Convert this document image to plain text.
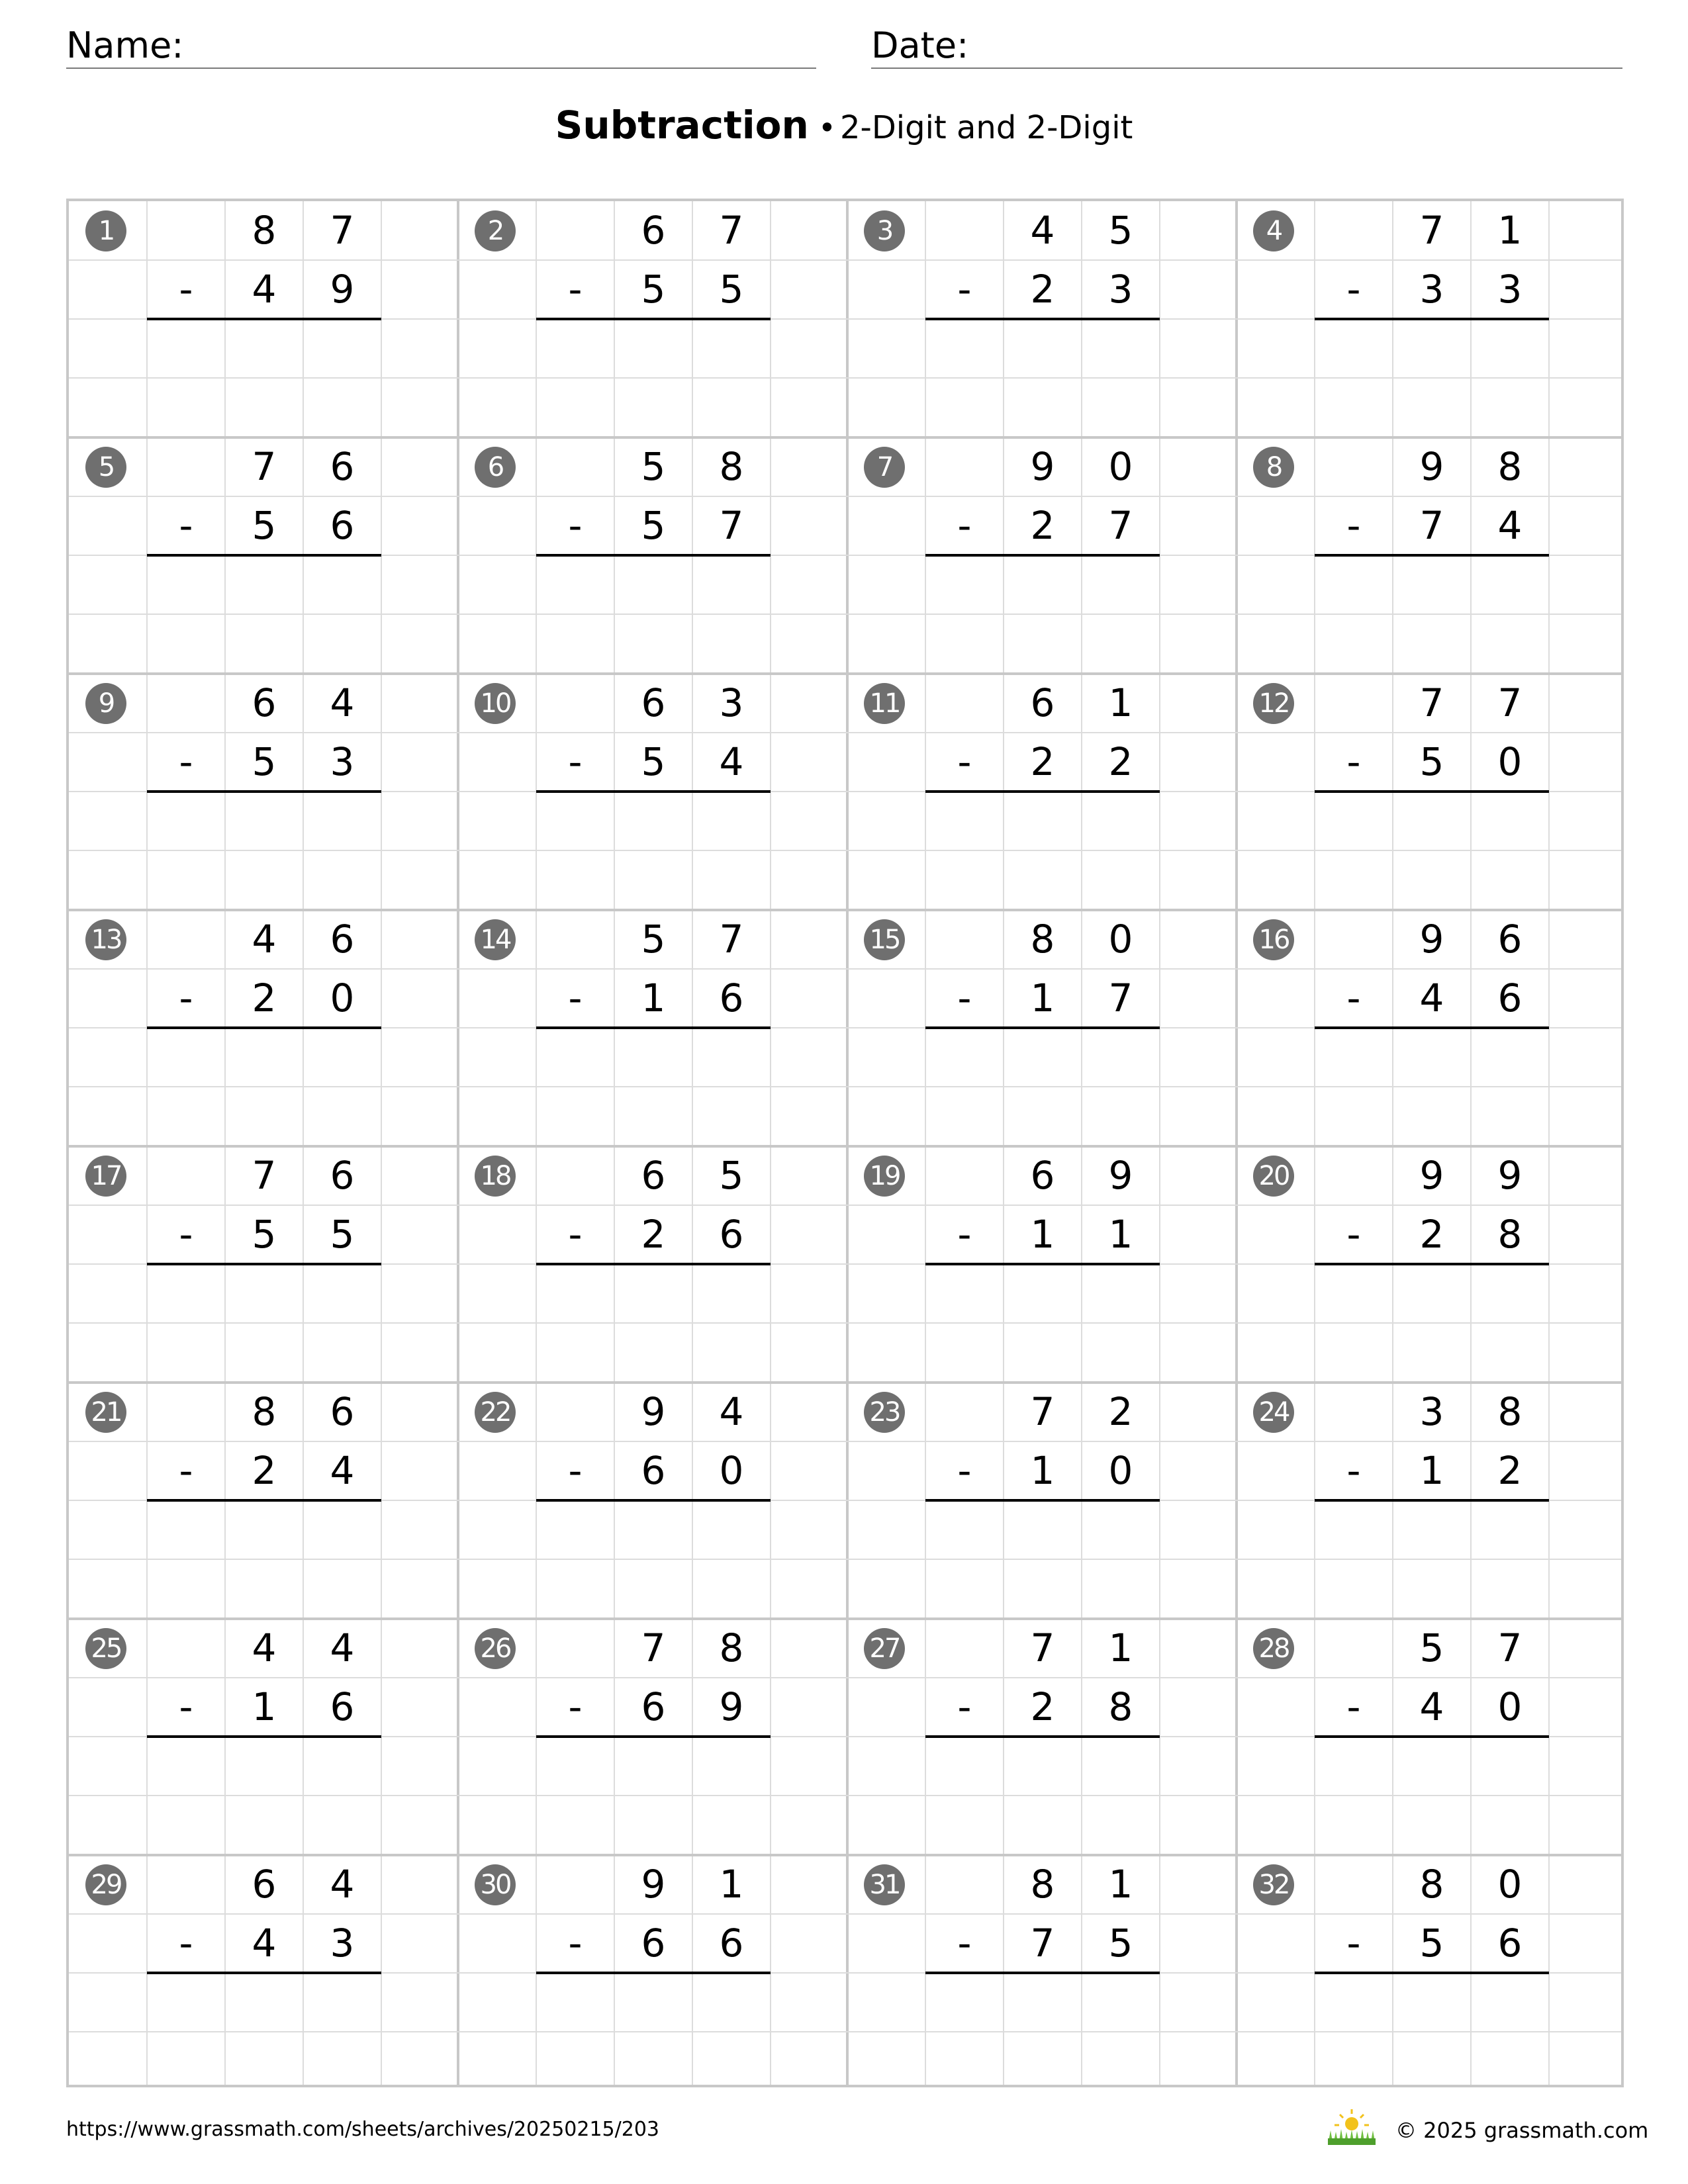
Name:	Date:
Subtraction • 2-Digit and 2-Digit
1	8	7
-	4	9
2	6	7
-	5	5
3	4	5
-	2	3
4	7	1
-	3	3
5	7	6
-	5	6
6	5	8
-	5	7
7	9	0
-	2	7
8	9	8
-	7	4
9	6	4
-	5	3
10	6	3
-	5	4
11	6	1
-	2	2
12	7	7
-	5	0
13	4	6
-	2	0
14	5	7
-	1	6
15	8	0
-	1	7
16	9	6
-	4	6
17	7	6
-	5	5
18	6	5
-	2	6
19	6	9
-	1	1
20	9	9
-	2	8
21	8	6
-	2	4
22	9	4
-	6	0
23	7	2
-	1	0
24	3	8
-	1	2
25	4	4
-	1	6
26	7	8
-	6	9
27	7	1
-	2	8
28	5	7
-	4	0
29	6	4
-	4	3
30	9	1
-	6	6
31	8	1
-	7	5
32	8	0
-	5	6
https://www.grassmath.com/sheets/archives/20250215/203	© 2025 grassmath.com
